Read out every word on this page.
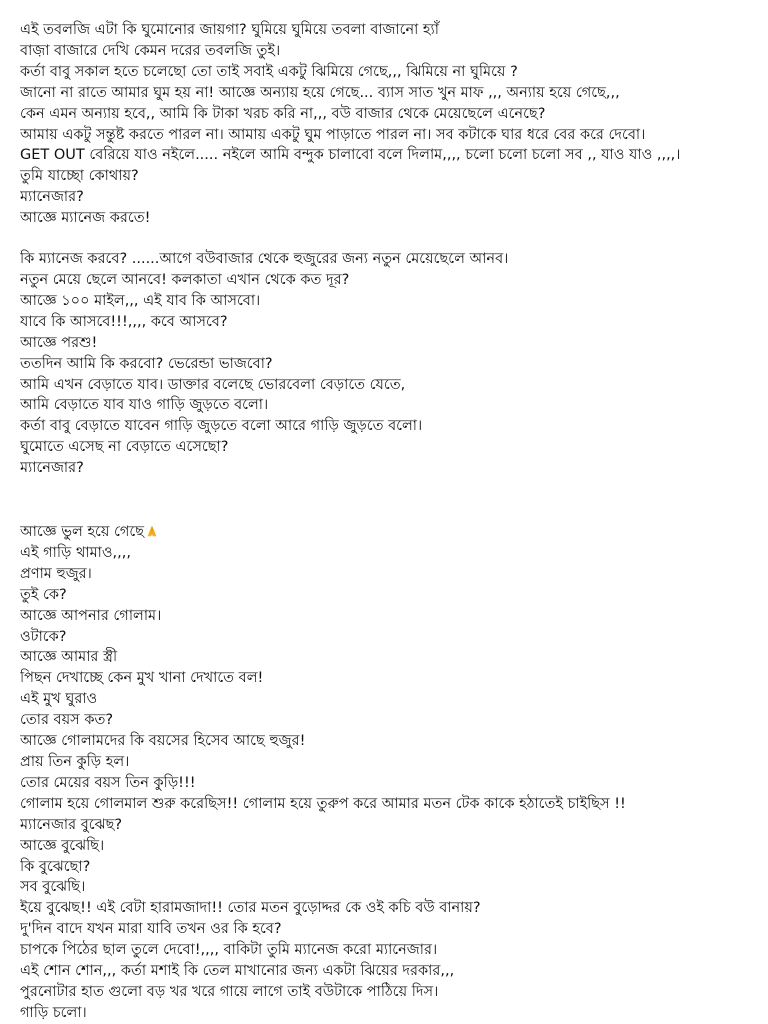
এই তবলজি এটা কি ঘুমোনোর জায়গা? ঘুমিয়ে ঘুমিয়ে তবলা বাজানো হ্যাঁ
বাজ়া বাজারে দেখি কেমন দরের তবলজি তুই।
কর্তা বাবু সকাল হতে চলেছো তো তাই সবাই একটু ঝিমিয়ে গেছে,,, ঝিমিয়ে না ঘুমিয়ে ?
জানো না রাতে আমার ঘুম হয় না! আজ্ঞে অন্যায় হয়ে গেছে... ব্যাস সাত খুন মাফ ,,, অন্যায় হয়ে গেছে,,,
কেন এমন অন্যায় হবে,, আমি কি টাকা খরচ করি না,,, বউ বাজার থেকে মেয়েছেলে এনেছে?
আমায় একটু সন্তুষ্ট করতে পারল না। আমায় একটু ঘুম পাড়াতে পারল না। সব কটাকে ঘার ধরে বের করে দেবো।
GET OUT বেরিয়ে যাও নইলে..... নইলে আমি বন্দুক চালাবো বলে দিলাম,,,, চলো চলো চলো সব ,, যাও যাও ,,,,।
তুমি যাচ্ছো কোথায়?
ম্যানেজার?
আজ্ঞে ম্যানেজ করতে!
কি ম্যানেজ করবে? ......আগে বউবাজার থেকে হুজুরের জন্য নতুন মেয়েছেলে আনব।
নতুন মেয়ে ছেলে আনবে! কলকাতা এখান থেকে কত দূর?
আজ্ঞে ১০০ মাইল,,, এই যাব কি আসবো।
যাবে কি আসবে!!!,,,, কবে আসবে?
আজ্ঞে পরশু!
ততদিন আমি কি করবো? ভেরেন্ডা ভাজবো?
আমি এখন বেড়াতে যাব। ডাক্তার বলেছে ভোরবেলা বেড়াতে যেতে,
আমি বেড়াতে যাব যাও গাড়ি জুড়তে বলো।
কর্তা বাবু বেড়াতে যাবেন গাড়ি জুড়তে বলো আরে গাড়ি জুড়তে বলো।
ঘুমোতে এসেছ না বেড়াতে এসেছো?
ম্যানেজার?
আজ্ঞে ভুল হয়ে গেছে
এই গাড়ি থামাও,,,,
প্রণাম হুজুর।
তুই কে?
আজ্ঞে আপনার গোলাম।
ওটাকে?
আজ্ঞে আমার স্ত্রী
পিছন দেখাচ্ছে কেন মুখ খানা দেখাতে বল!
এই মুখ ঘুরাও
তোর বয়স কত?
আজ্ঞে গোলামদের কি বয়সের হিসেব আছে হুজুর!
প্রায় তিন কুড়ি হল।
তোর মেয়ের বয়স তিন কুড়ি!!!
গোলাম হয়ে গোলমাল শুরু করেছিস!! গোলাম হয়ে তুরুপ করে আমার মতন টেক কাকে হঠাতেই চাইছিস !!
ম্যানেজার বুঝেছ?
আজ্ঞে বুঝেছি।
কি বুঝেছো?
সব বুঝেছি।
ইয়ে বুঝেছ!! এই বেটা হারামজাদা!! তোর মতন বুড়োদ্দর কে ওই কচি বউ বানায়?
দু'দিন বাদে যখন মারা যাবি তখন ওর কি হবে?
চাপকে পিঠের ছাল তুলে দেবো!,,,, বাকিটা তুমি ম্যানেজ করো ম্যানেজার।
এই শোন শোন,,, কর্তা মশাই কি তেল মাখানোর জন্য একটা ঝিয়ের দরকার,,,
পুরনোটার হাত গুলো বড় খর খরে গায়ে লাগে তাই বউটাকে পাঠিয়ে দিস।
গাড়ি চলো।
